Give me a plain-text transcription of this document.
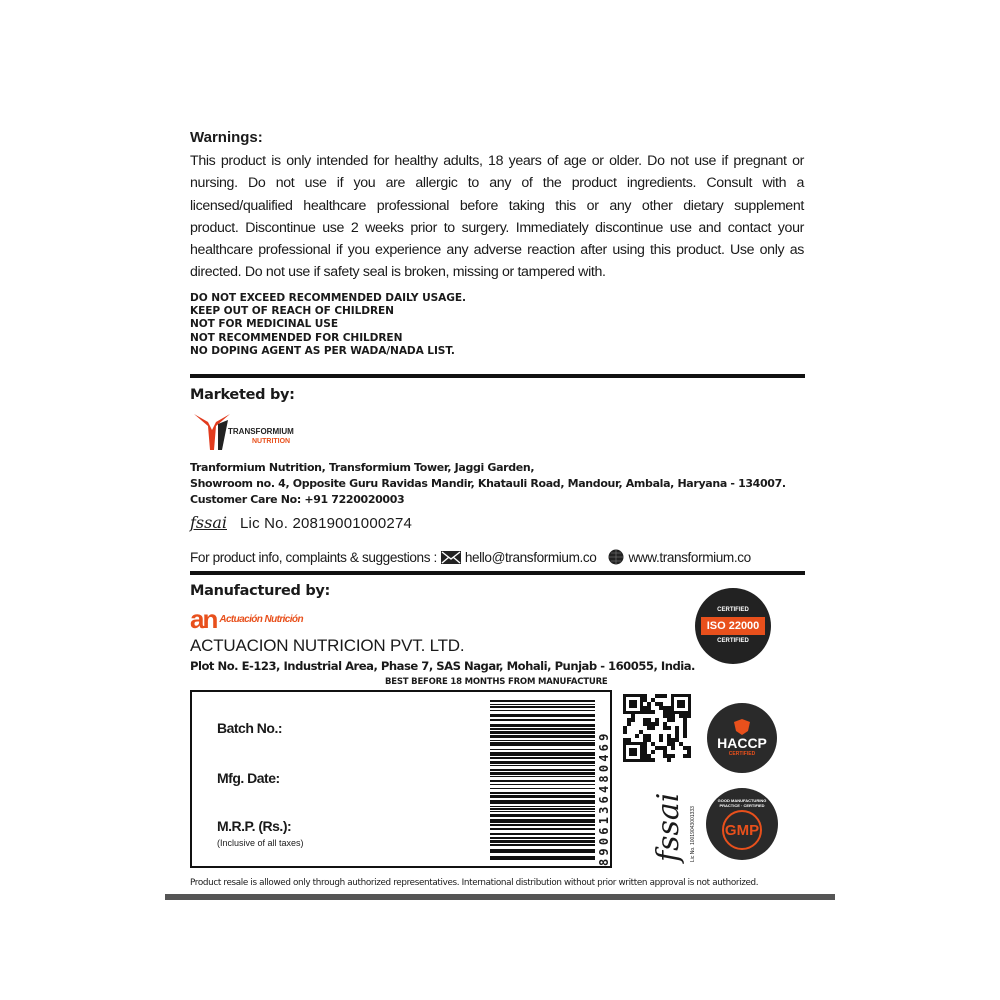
Warnings:
This product is only intended for healthy adults, 18 years of age or older. Do not use if pregnant or
nursing. Do not use if you are allergic to any of the product ingredients. Consult with a
licensed/qualified healthcare professional before taking this or any other dietary supplement
product. Discontinue use 2 weeks prior to surgery. Immediately discontinue use and contact your
healthcare professional if you experience any adverse reaction after using this product. Use only as
directed. Do not use if safety seal is broken, missing or tampered with.
DO NOT EXCEED RECOMMENDED DAILY USAGE.
KEEP OUT OF REACH OF CHILDREN
NOT FOR MEDICINAL USE
NOT RECOMMENDED FOR CHILDREN
NO DOPING AGENT AS PER WADA/NADA LIST.
Marketed by:
TRANSFORMIUM
NUTRITION
Tranformium Nutrition, Transformium Tower, Jaggi Garden,
Showroom no. 4, Opposite Guru Ravidas Mandir, Khatauli Road, Mandour, Ambala, Haryana - 134007.
Customer Care No: +91 7220020003
fssai Lic No. 20819001000274
For product info, complaints & suggestions : hello@transformium.co www.transformium.co
Manufactured by:
an Actuación Nutrición
ACTUACION NUTRICION PVT. LTD.
Plot No. E-123, Industrial Area, Phase 7, SAS Nagar, Mohali, Punjab - 160055, India.
BEST BEFORE 18 MONTHS FROM MANUFACTURE
Batch No.:
Mfg. Date:
M.R.P. (Rs.):
(Inclusive of all taxes)	8906136480469 fssai Lic No. 10019043001333
CERTIFIED
ISO 22000
CERTIFIED
HACCP
CERTIFIED
GOOD MANUFACTURING PRACTICE · CERTIFIED
GMP
Product resale is allowed only through authorized representatives. International distribution without prior written approval is not authorized.
